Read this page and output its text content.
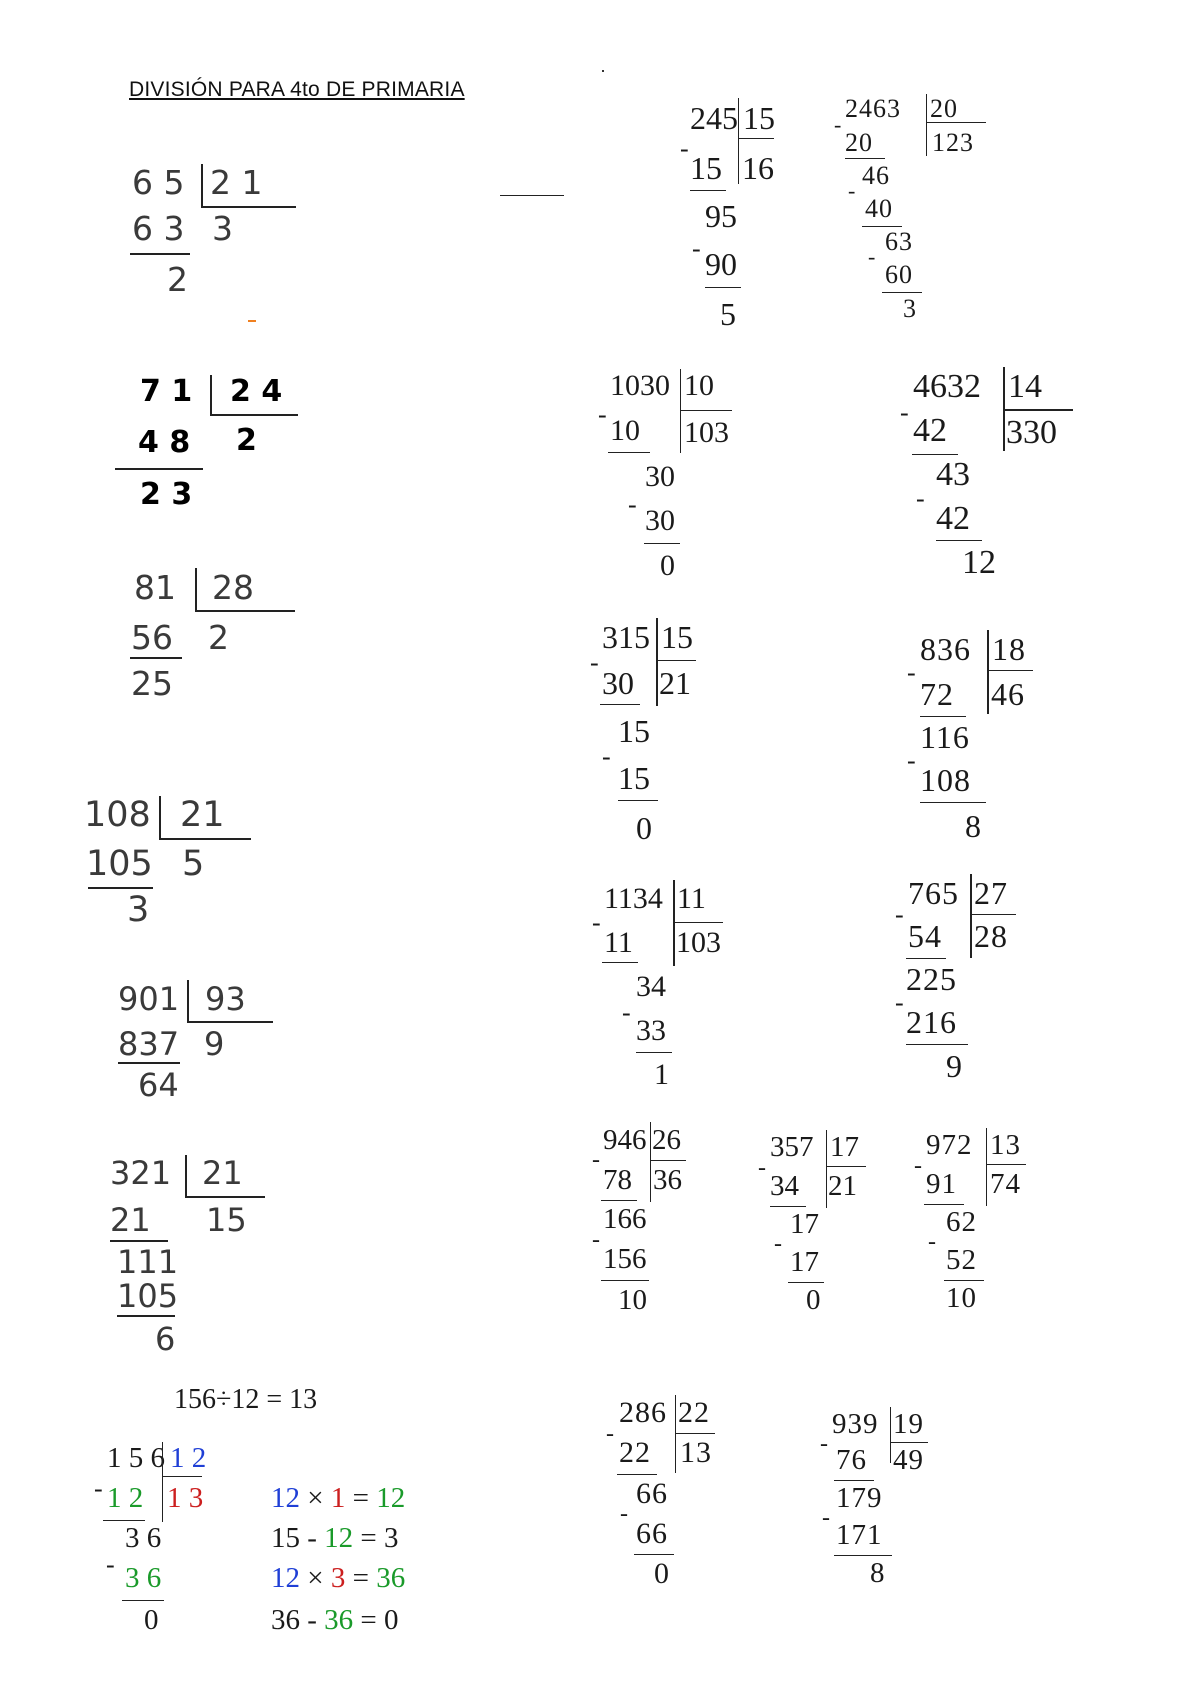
DIVISIÓN PARA 4to DE PRIMARIA
6 5 2 1
6 3 3
2
7 1 2 4
4 8 2
2 3
81 28
56 2
25
108 21
105 5
3
901 93
837 9
64
321 21
21 15
111
105
6
156÷12 = 13
1 5 6 1 2
- 1 2 1 3
3 6
- 3 6
0
12 × 1 = 12
15 - 12 = 3
12 × 3 = 36
36 - 36 = 0
245 15
-
15 16
95
- 90
5
2463 20
-
20 123
46
-
40
63
-
60
3
1030 10
- 10 103
30
- 30
0
4632 14
- 42 330
43
-
42
12
315 15
-
30 21
15
-
15
0
836 18
-
72 46
116
-
108
8
1134 11
-
11 103
34
-
33
1
765 27
-
54 28
225
-
216
9
946 26
-
78 36
166
-
156
10
357 17
-
34 21
17
-
17
0
972 13
-
91 74
62
-
52
10
286 22
-
22 13
66
-
66
0
939 19
- 76 49
179
-
171
8
